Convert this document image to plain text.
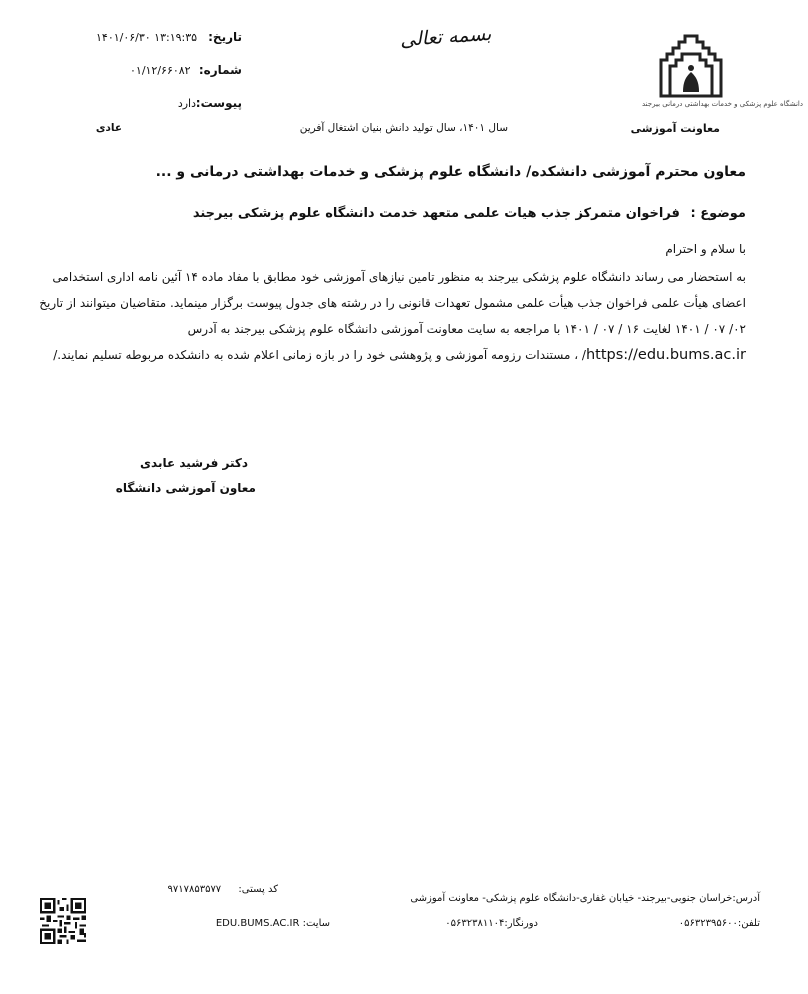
دانشگاه علوم پزشکی و خدمات بهداشتی درمانی بیرجند
معاونت آموزشی
بسمه تعالی
سال ۱۴۰۱، سال تولید دانش بنیان اشتغال آفرین
تاریخ:
۱۴۰۱/۰۶/۳۰ ۱۳:۱۹:۳۵
شماره:
۰۱/۱۲/۶۶۰۸۲
پیوست:
دارد
عادی
معاون محترم آموزشی دانشکده/ دانشگاه علوم پزشکی و خدمات بهداشتی درمانی و ...
موضوع : فراخوان متمرکز جذب هیات علمی متعهد خدمت دانشگاه علوم پزشکی بیرجند
با سلام و احترام
به استحضار می رساند دانشگاه علوم پزشکی بیرجند به منظور تامین نیازهای آموزشی خود مطابق با مفاد ماده ۱۴ آئین نامه اداری استخدامی
اعضای هیأت علمی فراخوان جذب هیأت علمی مشمول تعهدات قانونی را در رشته های جدول پیوست برگزار مینماید. متقاضیان میتوانند از تاریخ
۰۲/ ۰۷ / ۱۴۰۱ لغایت ۱۶ / ۰۷ / ۱۴۰۱ با مراجعه به سایت معاونت آموزشی دانشگاه علوم پزشکی بیرجند به آدرس
https://edu.bums.ac.ir/ ، مستندات رزومه آموزشی و پژوهشی خود را در بازه زمانی اعلام شده به دانشکده مربوطه تسلیم نمایند./
دکتر فرشید عابدی
معاون آموزشی دانشگاه
آدرس:خراسان جنوبی-بیرجند- خیابان غفاری-دانشگاه علوم پزشکی- معاونت آموزشی
تلفن:۰۵۶۳۲۳۹۵۶۰۰
دورنگار:۰۵۶۳۲۳۸۱۱۰۴
کد پستی: ۹۷۱۷۸۵۳۵۷۷
سایت: EDU.BUMS.AC.IR
